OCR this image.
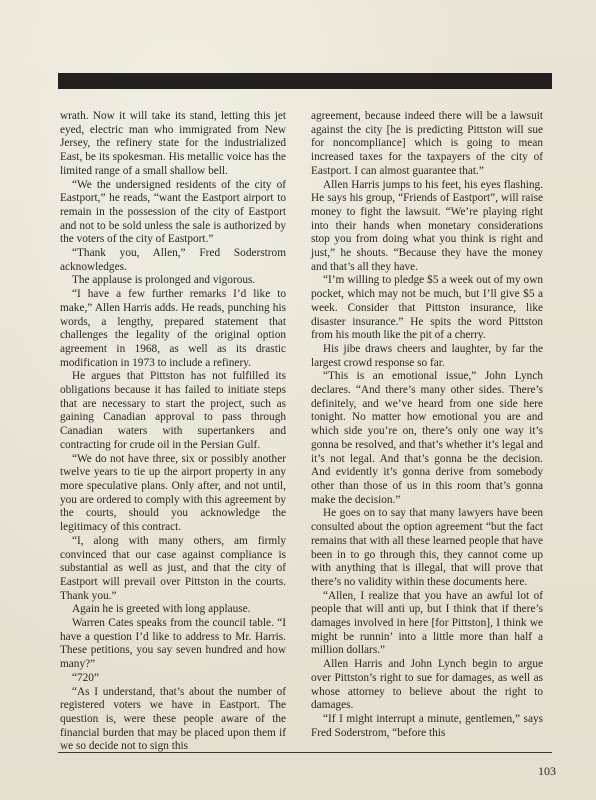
wrath. Now it will take its stand, letting this jet eyed, electric man who immigrated from New Jersey, the refinery state for the industrialized East, be its spokesman. His metallic voice has the limited range of a small shallow bell.

“We the undersigned residents of the city of Eastport,” he reads, “want the Eastport airport to remain in the possession of the city of Eastport and not to be sold unless the sale is authorized by the voters of the city of Eastport.”

“Thank you, Allen,” Fred Soderstrom acknowledges.

The applause is prolonged and vigorous.

“I have a few further remarks I’d like to make,” Allen Harris adds. He reads, punching his words, a lengthy, prepared statement that challenges the legality of the original option agreement in 1968, as well as its drastic modification in 1973 to include a refinery.

He argues that Pittston has not fulfilled its obligations because it has failed to initiate steps that are necessary to start the project, such as gaining Canadian approval to pass through Canadian waters with supertankers and contracting for crude oil in the Persian Gulf.

“We do not have three, six or possibly another twelve years to tie up the airport property in any more speculative plans. Only after, and not until, you are ordered to comply with this agreement by the courts, should you acknowledge the legitimacy of this contract.

“I, along with many others, am firmly convinced that our case against compliance is substantial as well as just, and that the city of Eastport will prevail over Pittston in the courts. Thank you.”

Again he is greeted with long applause.

Warren Cates speaks from the council table. “I have a question I’d like to address to Mr. Harris. These petitions, you say seven hundred and how many?”

“720”

“As I understand, that’s about the number of registered voters we have in Eastport. The question is, were these people aware of the financial burden that may be placed upon them if we so decide not to sign this

agreement, because indeed there will be a lawsuit against the city [he is predicting Pittston will sue for noncompliance] which is going to mean increased taxes for the taxpayers of the city of Eastport. I can almost guarantee that.”

Allen Harris jumps to his feet, his eyes flashing. He says his group, “Friends of Eastport”, will raise money to fight the lawsuit. “We’re playing right into their hands when monetary considerations stop you from doing what you think is right and just,” he shouts. “Because they have the money and that’s all they have.

“I’m willing to pledge $5 a week out of my own pocket, which may not be much, but I’ll give $5 a week. Consider that Pittston insurance, like disaster insurance.” He spits the word Pittston from his mouth like the pit of a cherry.

His jibe draws cheers and laughter, by far the largest crowd response so far.

“This is an emotional issue,” John Lynch declares. “And there’s many other sides. There’s definitely, and we’ve heard from one side here tonight. No matter how emotional you are and which side you’re on, there’s only one way it’s gonna be resolved, and that’s whether it’s legal and it’s not legal. And that’s gonna be the decision. And evidently it’s gonna derive from somebody other than those of us in this room that’s gonna make the decision.”

He goes on to say that many lawyers have been consulted about the option agreement “but the fact remains that with all these learned people that have been in to go through this, they cannot come up with anything that is illegal, that will prove that there’s no validity within these documents here.

“Allen, I realize that you have an awful lot of people that will anti up, but I think that if there’s damages involved in here [for Pittston], I think we might be runnin’ into a little more than half a million dollars.”

Allen Harris and John Lynch begin to argue over Pittston’s right to sue for damages, as well as whose attorney to believe about the right to damages.

“If I might interrupt a minute, gentlemen,” says Fred Soderstrom, “before this

103
